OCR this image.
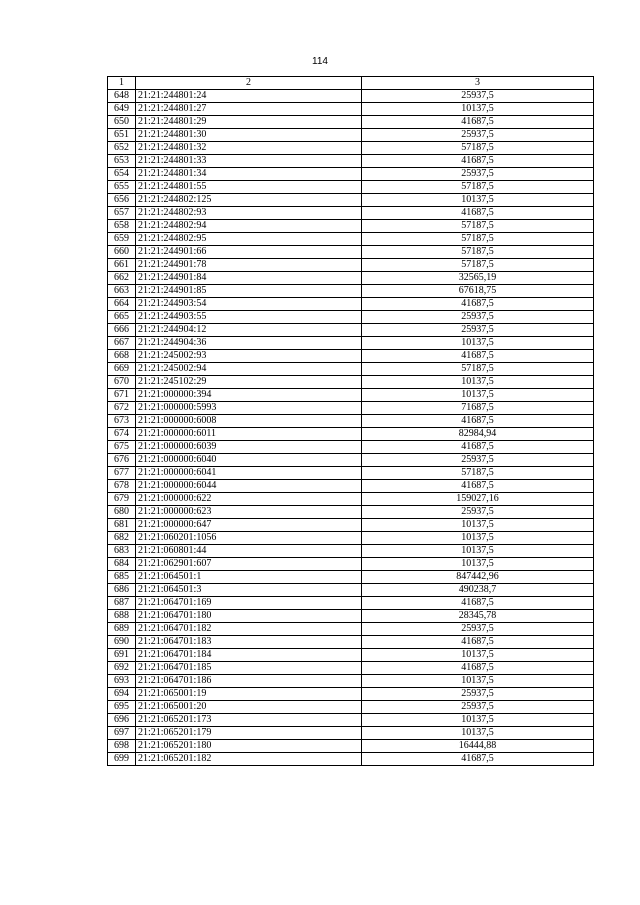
114
1	2	3
648	21:21:244801:24	25937,5
649	21:21:244801:27	10137,5
650	21:21:244801:29	41687,5
651	21:21:244801:30	25937,5
652	21:21:244801:32	57187,5
653	21:21:244801:33	41687,5
654	21:21:244801:34	25937,5
655	21:21:244801:55	57187,5
656	21:21:244802:125	10137,5
657	21:21:244802:93	41687,5
658	21:21:244802:94	57187,5
659	21:21:244802:95	57187,5
660	21:21:244901:66	57187,5
661	21:21:244901:78	57187,5
662	21:21:244901:84	32565,19
663	21:21:244901:85	67618,75
664	21:21:244903:54	41687,5
665	21:21:244903:55	25937,5
666	21:21:244904:12	25937,5
667	21:21:244904:36	10137,5
668	21:21:245002:93	41687,5
669	21:21:245002:94	57187,5
670	21:21:245102:29	10137,5
671	21:21:000000:394	10137,5
672	21:21:000000:5993	71687,5
673	21:21:000000:6008	41687,5
674	21:21:000000:6011	82984,94
675	21:21:000000:6039	41687,5
676	21:21:000000:6040	25937,5
677	21:21:000000:6041	57187,5
678	21:21:000000:6044	41687,5
679	21:21:000000:622	159027,16
680	21:21:000000:623	25937,5
681	21:21:000000:647	10137,5
682	21:21:060201:1056	10137,5
683	21:21:060801:44	10137,5
684	21:21:062901:607	10137,5
685	21:21:064501:1	847442,96
686	21:21:064501:3	490238,7
687	21:21:064701:169	41687,5
688	21:21:064701:180	28345,78
689	21:21:064701:182	25937,5
690	21:21:064701:183	41687,5
691	21:21:064701:184	10137,5
692	21:21:064701:185	41687,5
693	21:21:064701:186	10137,5
694	21:21:065001:19	25937,5
695	21:21:065001:20	25937,5
696	21:21:065201:173	10137,5
697	21:21:065201:179	10137,5
698	21:21:065201:180	16444,88
699	21:21:065201:182	41687,5
